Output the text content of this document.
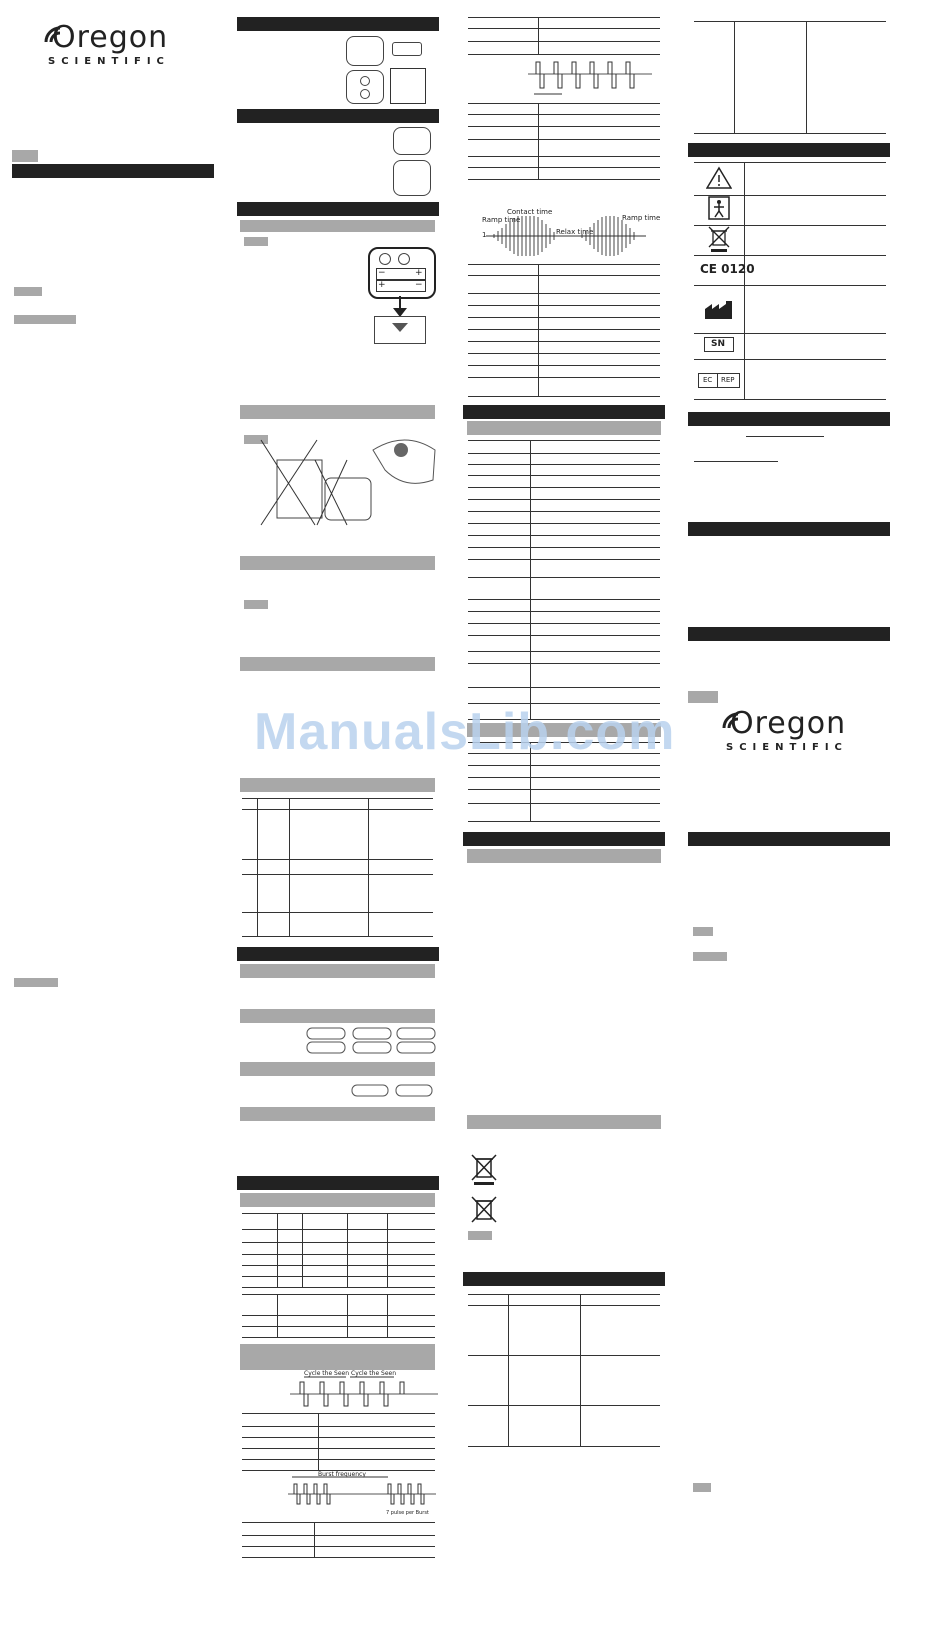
Oregon
SCIENTIFIC
−	+
+	−
Cycle the Seen Cycle the Seen
Burst frequency
7 pulse per Burst
Contact time
Ramp time	Ramp time
Relax time
1
CE 0120
SN
EC REP
Oregon
SCIENTIFIC
ManualsLib.com
